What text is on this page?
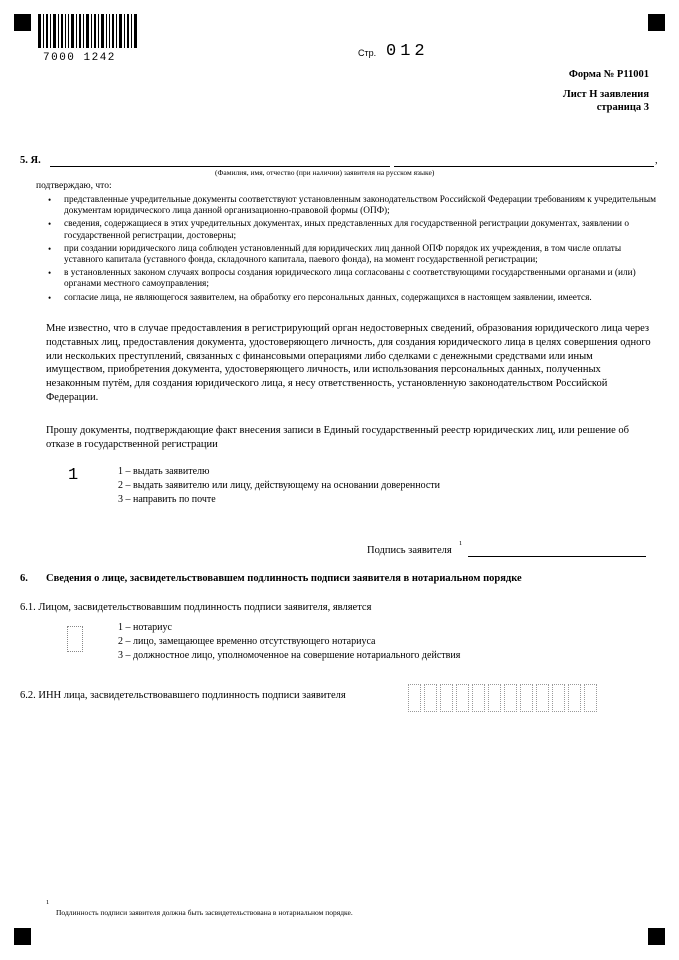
7000 1242	Стр. 012
Форма № Р11001
Лист Н заявления
страница 3
5. Я.	,
(Фамилия, имя, отчество (при наличии) заявителя на русском языке)
подтверждаю, что:
• представленные учредительные документы соответствуют установленным законодательством Российской Федерации требованиям к учредительным документам юридического лица данной организационно-правовой формы (ОПФ);
• сведения, содержащиеся в этих учредительных документах, иных представленных для государственной регистрации документах, заявлении о государственной регистрации, достоверны;
• при создании юридического лица соблюден установленный для юридических лиц данной ОПФ порядок их учреждения, в том числе оплаты уставного капитала (уставного фонда, складочного капитала, паевого фонда), на момент государственной регистрации;
• в установленных законом случаях вопросы создания юридического лица согласованы с соответствующими государственными органами и (или) органами местного самоуправления;
• согласие лица, не являющегося заявителем, на обработку его персональных данных, содержащихся в настоящем заявлении, имеется.
Мне известно, что в случае предоставления в регистрирующий орган недостоверных сведений, образования юридического лица через подставных лиц, предоставления документа, удостоверяющего личность, для создания юридического лица в целях совершения одного или нескольких преступлений, связанных с финансовыми операциями либо сделками с денежными средствами или иным имуществом, приобретения документа, удостоверяющего личность, или использования персональных данных, полученных незаконным путём, для создания юридического лица, я несу ответственность, установленную законодательством Российской Федерации.
Прошу документы, подтверждающие факт внесения записи в Единый государственный реестр юридических лиц, или решение об отказе в государственной регистрации
1	1 – выдать заявителю
2 – выдать заявителю или лицу, действующему на основании доверенности
3 – направить по почте
Подпись заявителя
1
6. Сведения о лице, засвидетельствовавшем подлинность подписи заявителя в нотариальном порядке
6.1. Лицом, засвидетельствовавшим подлинность подписи заявителя, является
1 – нотариус
2 – лицо, замещающее временно отсутствующего нотариуса
3 – должностное лицо, уполномоченное на совершение нотариального действия
6.2. ИНН лица, засвидетельствовавшего подлинность подписи заявителя
1
Подлинность подписи заявителя должна быть засвидетельствована в нотариальном порядке.
